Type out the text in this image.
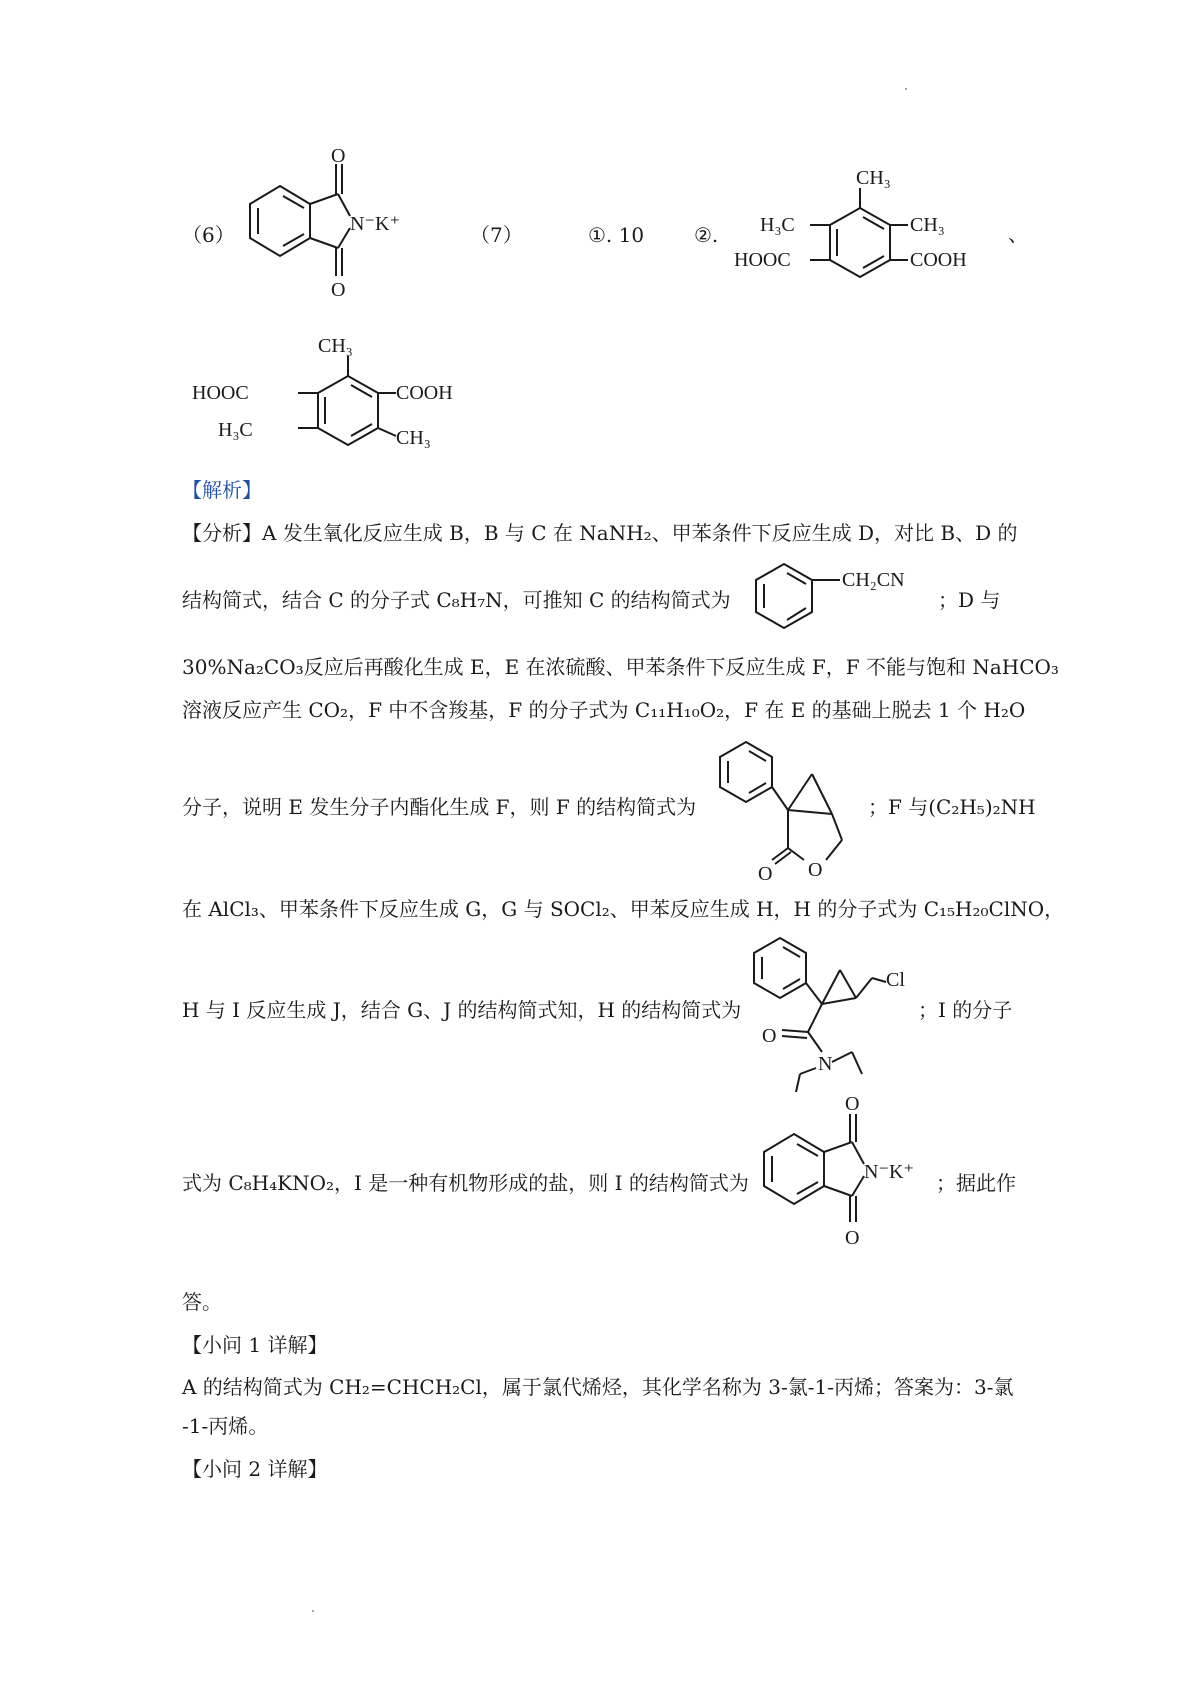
（6）
O
O
N⁻K⁺	（7）	①. 10 ②.
CH₃
H₃C	CH₃
HOOC	COOH
、
CH₃
HOOC	COOH
H₃C	CH₃
【解析】
【分析】A 发生氧化反应生成 B，B 与 C 在 NaNH₂、甲苯条件下反应生成 D，对比 B、D 的
结构简式，结合 C 的分子式 C₈H₇N，可推知 C 的结构简式为
CH₂CN
；D 与
30%Na₂CO₃反应后再酸化生成 E，E 在浓硫酸、甲苯条件下反应生成 F，F 不能与饱和 NaHCO₃
溶液反应产生 CO₂，F 中不含羧基，F 的分子式为 C₁₁H₁₀O₂，F 在 E 的基础上脱去 1 个 H₂O
分子，说明 E 发生分子内酯化生成 F，则 F 的结构简式为
O O
；F 与(C₂H₅)₂NH
在 AlCl₃、甲苯条件下反应生成 G，G 与 SOCl₂、甲苯反应生成 H，H 的分子式为 C₁₅H₂₀ClNO，
H 与 I 反应生成 J，结合 G、J 的结构简式知，H 的结构简式为
Cl
O
N
；I 的分子
式为 C₈H₄KNO₂，I 是一种有机物形成的盐，则 I 的结构简式为
O
O
N⁻K⁺ ；据此作
答。
【小问 1 详解】
A 的结构简式为 CH₂=CHCH₂Cl，属于氯代烯烃，其化学名称为 3-氯-1-丙烯；答案为：3-氯
-1-丙烯。
【小问 2 详解】
